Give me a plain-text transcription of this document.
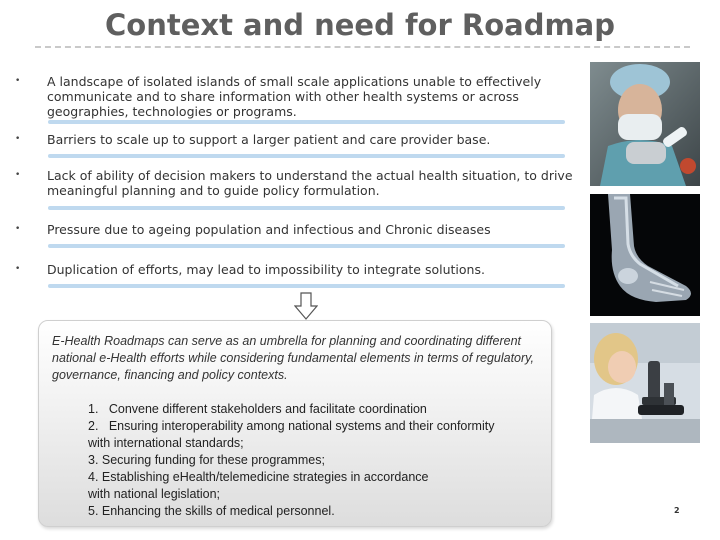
Context and need for Roadmap
• A landscape of isolated islands of small scale applications unable to effectively communicate and to share information with other health systems or across geographies, technologies or programs.
• Barriers to scale up to support a larger patient and care provider base.
• Lack of ability of decision makers to understand the actual health situation, to drive meaningful planning and to guide policy formulation.
• Pressure due to ageing population and infectious and Chronic diseases
• Duplication of efforts, may lead to impossibility to integrate solutions.
E-Health Roadmaps can serve as an umbrella for planning and coordinating different national e-Health efforts while considering fundamental elements in terms of regulatory, governance, financing and policy contexts.
1.   Convene different stakeholders and facilitate coordination
2.   Ensuring interoperability among national systems and their conformity
with international standards;
3. Securing funding for these programmes;
4. Establishing eHealth/telemedicine strategies in accordance
with national legislation;
5. Enhancing the skills of medical personnel.	2
